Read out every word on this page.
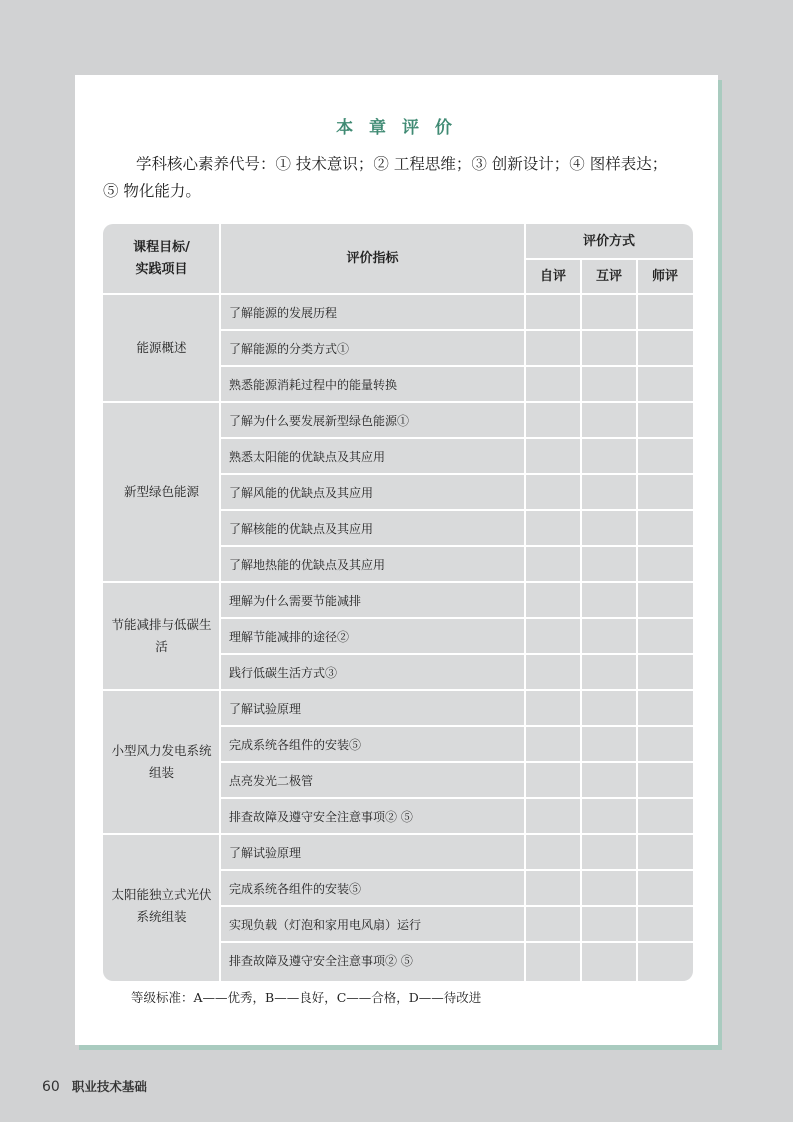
本 章 评 价
学科核心素养代号：① 技术意识；② 工程思维；③ 创新设计；④ 图样表达；
⑤ 物化能力。
课程目标/
实践项目
评价指标
评价方式
自评	互评	师评
能源概述
了解能源的发展历程
了解能源的分类方式①
熟悉能源消耗过程中的能量转换
新型绿色能源
了解为什么要发展新型绿色能源①
熟悉太阳能的优缺点及其应用
了解风能的优缺点及其应用
了解核能的优缺点及其应用
了解地热能的优缺点及其应用
节能减排与低碳生活
理解为什么需要节能减排
理解节能减排的途径②
践行低碳生活方式③
小型风力发电系统组装
了解试验原理
完成系统各组件的安装⑤
点亮发光二极管
排查故障及遵守安全注意事项② ⑤
太阳能独立式光伏系统组装
了解试验原理
完成系统各组件的安装⑤
实现负载（灯泡和家用电风扇）运行
排查故障及遵守安全注意事项② ⑤
等级标准：A——优秀，B——良好，C——合格，D——待改进
60 职业技术基础
